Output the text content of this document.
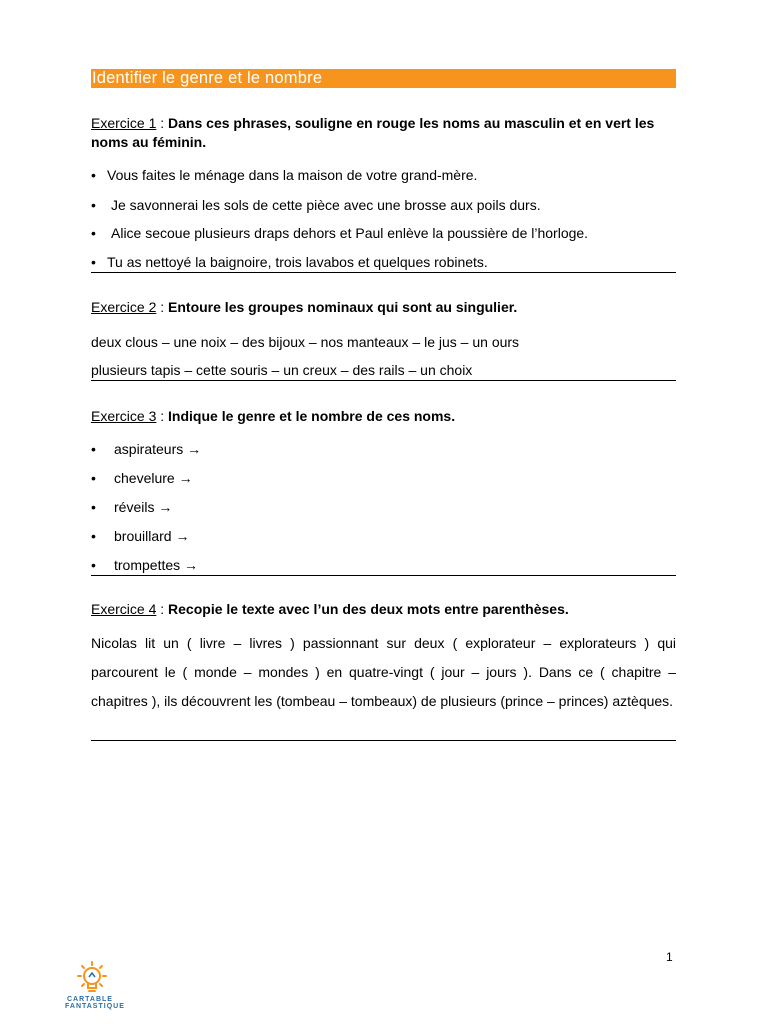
Identifier le genre et le nombre
Exercice 1 : Dans ces phrases, souligne en rouge les noms au masculin et en vert les noms au féminin.
• Vous faites le ménage dans la maison de votre grand-mère.
• Je savonnerai les sols de cette pièce avec une brosse aux poils durs.
• Alice secoue plusieurs draps dehors et Paul enlève la poussière de l’horloge.
• Tu as nettoyé la baignoire, trois lavabos et quelques robinets.
Exercice 2 : Entoure les groupes nominaux qui sont au singulier.
deux clous – une noix – des bijoux – nos manteaux – le jus – un ours
plusieurs tapis – cette souris – un creux – des rails – un choix
Exercice 3 : Indique le genre et le nombre de ces noms.
• aspirateurs →
• chevelure →
• réveils →
• brouillard →
• trompettes →
Exercice 4 : Recopie le texte avec l’un des deux mots entre parenthèses.
Nicolas lit un ( livre – livres ) passionnant sur deux ( explorateur – explorateurs ) qui parcourent le ( monde – mondes ) en quatre-vingt ( jour – jours ). Dans ce ( chapitre – chapitres ), ils découvrent les (tombeau – tombeaux) de plusieurs (prince – princes) aztèques.
1
CARTABLE
FANTASTIQUE
